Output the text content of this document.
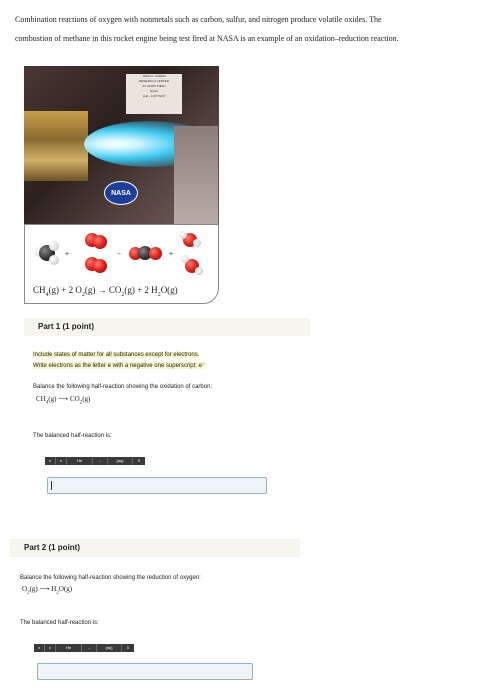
Combination reactions of oxygen with nonmetals such as carbon, sulfur, and nitrogen produce volatile oxides. The

combustion of methane in this rocket engine being test fired at NASA is an example of an oxidation–reduction reaction.

JOHN C. GLENN
RESEARCH CENTER
AT LEWIS FIELD
NASA
LH2 - LOX TEST
NASA
+	→	+
$CH_4(g) + 2$ $O_2(g) \to CO_2(g) + 2$ $H_2O(g)$
Part 1 (1 point)
Include states of matter for all substances except for electrons.
Write electrons as the letter e with a negative one superscript: e⁻
Balance the following half-reaction showing the oxidation of carbon:
$CH_4(g)$ ⟶ $CO_2(g)$
The balanced half-reaction is:
x	x	He	→	(aq)	δ
Part 2 (1 point)
Balance the following half-reaction showing the reduction of oxygen:
$O_2(g)$ ⟶ $H_2O(g)$
The balanced half-reaction is:
x	x	He	→	(aq)	δ
